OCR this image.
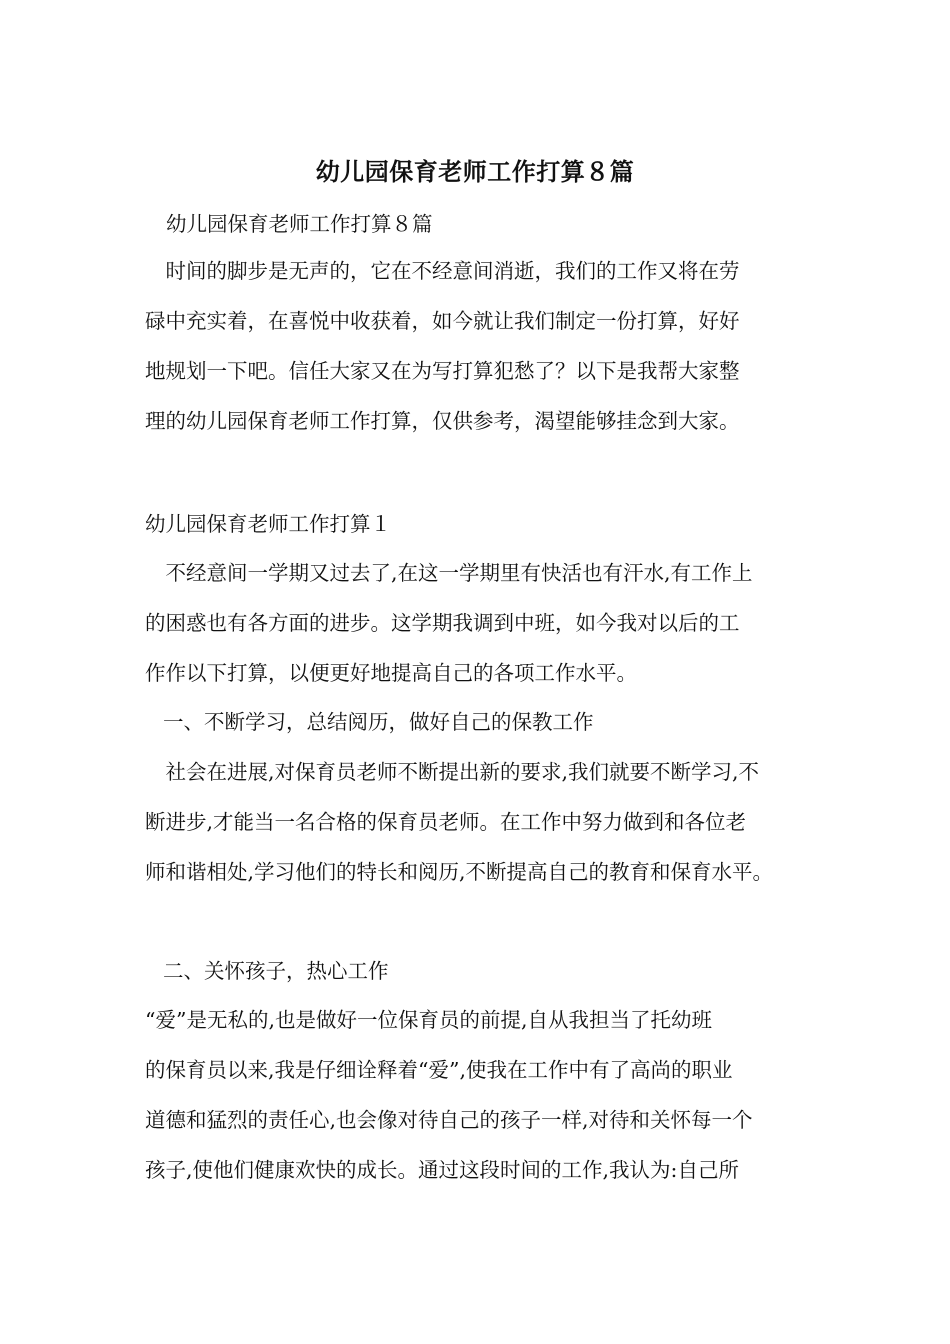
幼儿园保育老师工作打算８篇

幼儿园保育老师工作打算８篇

　时间的脚步是无声的，它在不经意间消逝，我们的工作又将在劳
碌中充实着，在喜悦中收获着，如今就让我们制定一份打算，好好
地规划一下吧。信任大家又在为写打算犯愁了？以下是我帮大家整
理的幼儿园保育老师工作打算，仅供参考，渴望能够挂念到大家。

幼儿园保育老师工作打算１

　不经意间一学期又过去了,在这一学期里有快活也有汗水,有工作上
的困惑也有各方面的进步。这学期我调到中班，如今我对以后的工
作作以下打算，以便更好地提高自己的各项工作水平。

一、不断学习，总结阅历，做好自己的保教工作

　社会在进展,对保育员老师不断提出新的要求,我们就要不断学习,不
断进步,才能当一名合格的保育员老师。在工作中努力做到和各位老
师和谐相处,学习他们的特长和阅历,不断提高自己的教育和保育水平。

二、关怀孩子，热心工作

“爱”是无私的,也是做好一位保育员的前提,自从我担当了托幼班
的保育员以来,我是仔细诠释着“爱”,使我在工作中有了高尚的职业
道德和猛烈的责任心,也会像对待自己的孩子一样,对待和关怀每一个
孩子,使他们健康欢快的成长。通过这段时间的工作,我认为:自己所
